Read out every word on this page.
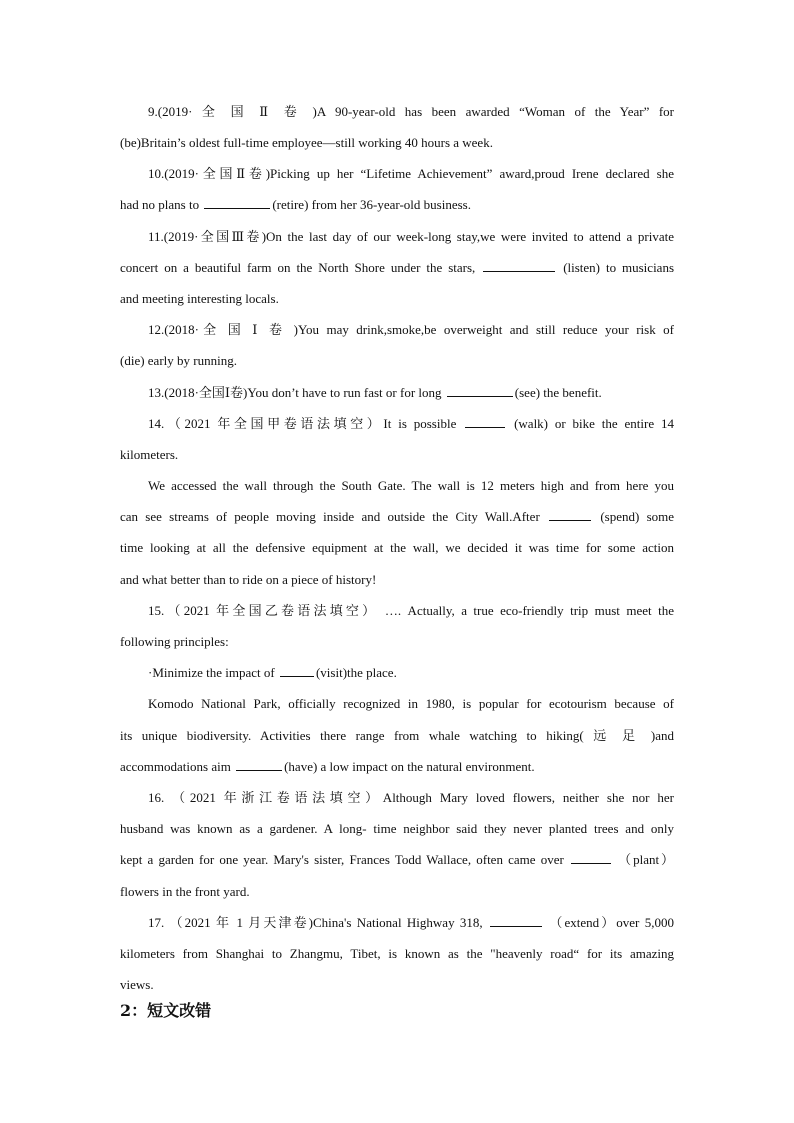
9.(2019· 全 国 Ⅱ 卷 )A 90-year-old has been awarded “Woman of the Year” for
(be)Britain’s oldest full-time employee—still working 40 hours a week.
10.(2019·全国Ⅱ卷)Picking up her “Lifetime Achievement” award,proud Irene declared she
had no plans to	(retire) from her 36-year-old business.
11.(2019·全国Ⅲ卷)On the last day of our week-long stay,we were invited to attend a private
concert on a beautiful farm on the North Shore under the stars,	(listen) to musicians
and meeting interesting locals.
12.(2018·全 国 Ⅰ 卷 )You may drink,smoke,be overweight and still reduce your risk of
(die) early by running.
13.(2018·全国Ⅰ卷)You don’t have to run fast or for long	(see) the benefit.
14.（2021 年全国甲卷语法填空）It is possible	(walk) or bike the entire 14
kilometers.
We accessed the wall through the South Gate. The wall is 12 meters high and from here you
can see streams of people moving inside and outside the City Wall.After	(spend) some
time looking at all the defensive equipment at the wall, we decided it was time for some action
and what better than to ride on a piece of history!
15.（2021 年全国乙卷语法填空） …. Actually, a true eco-friendly trip must meet the
following principles:
·Minimize the impact of	(visit)the place.
Komodo National Park, officially recognized in 1980, is popular for ecotourism because of
its unique biodiversity. Activities there range from whale watching to hiking( 远 足 )and
accommodations aim	(have) a low impact on the natural environment.
16. （2021 年浙江卷语法填空）Although Mary loved flowers, neither she nor her
husband was known as a gardener. A long- time neighbor said they never planted trees and only
kept a garden for one year. Mary's sister, Frances Todd Wallace, often came over	（plant）
flowers in the front yard.
17. （2021 年 1 月天津卷)China's National Highway 318,	（extend）over 5,000
kilometers from Shanghai to Zhangmu, Tibet, is known as the "heavenly road“ for its amazing
views.
2：短文改错
